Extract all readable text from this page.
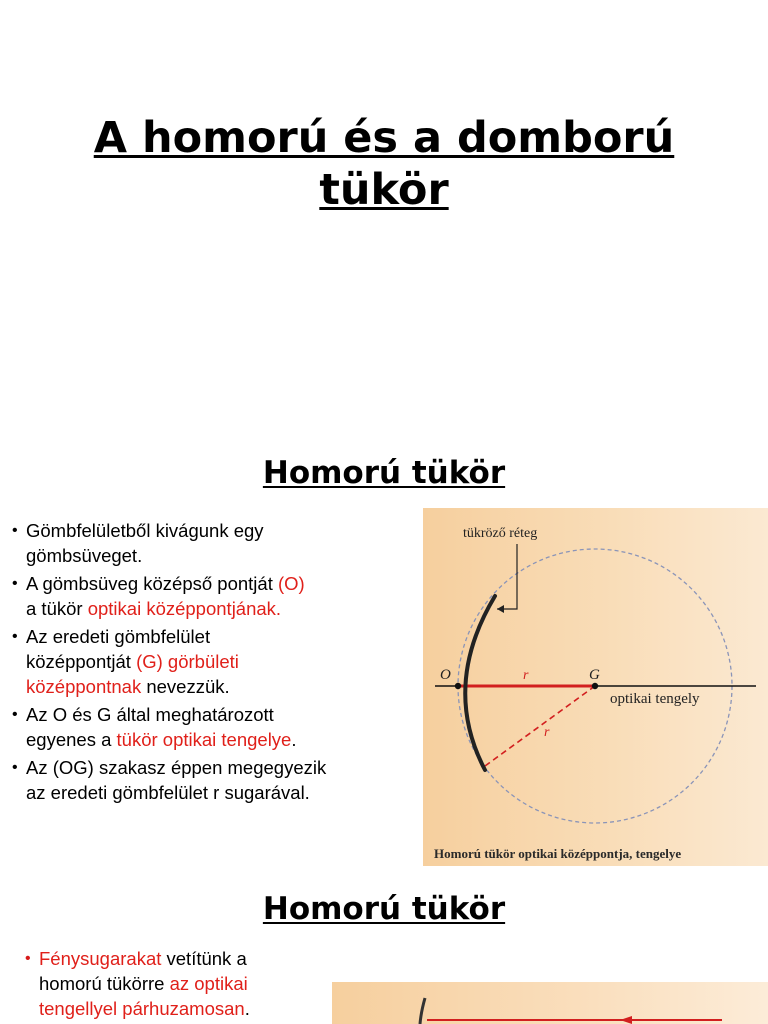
A homorú és a domború
tükör
Homorú tükör
• Gömbfelületből kivágunk egy
gömbsüveget.
• A gömbsüveg középső pontját (O)
a tükör optikai középpontjának.
• Az eredeti gömbfelület
középpontját (G) görbületi
középpontnak nevezzük.
• Az O és G által meghatározott
egyenes a tükör optikai tengelye.
• Az (OG) szakasz éppen megegyezik
az eredeti gömbfelület r sugarával.
tükröző réteg
O	G
r
r
optikai tengely
Homorú tükör optikai középpontja, tengelye
Homorú tükör
• Fénysugarakat vetítünk a
homorú tükörre az optikai
tengellyel párhuzamosan.
